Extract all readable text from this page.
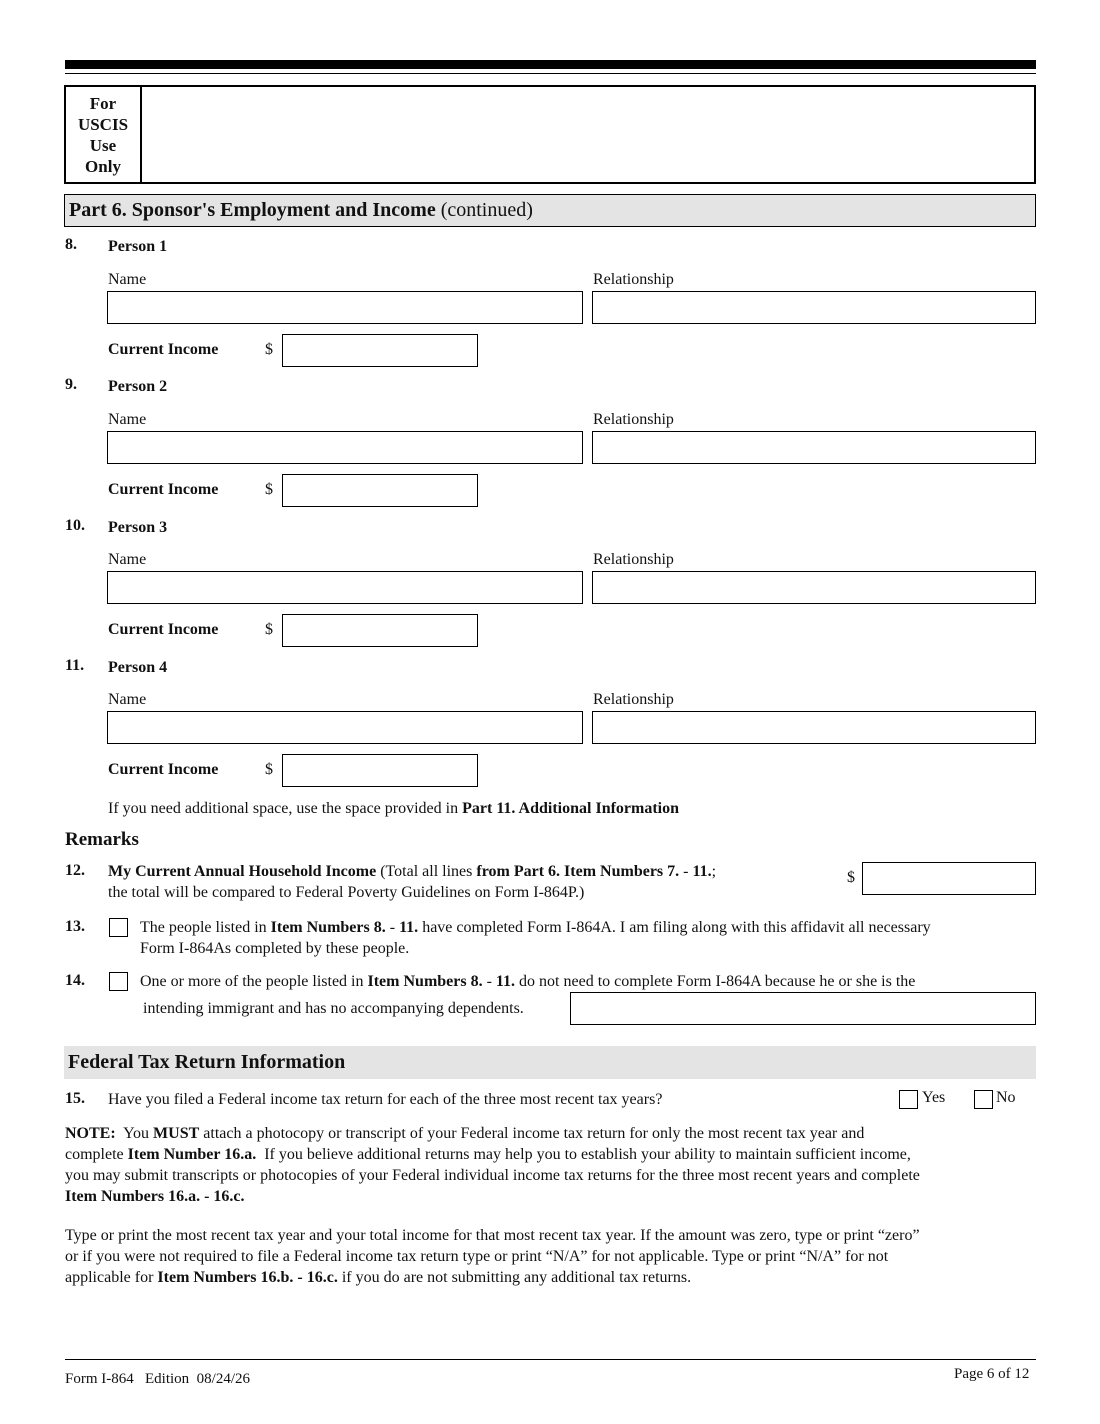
For
USCIS
Use
Only
Part 6. Sponsor's Employment and Income (continued)
8. Person 1
Name	Relationship
Current Income	$
9. Person 2
Name	Relationship
Current Income	$
10. Person 3
Name	Relationship
Current Income	$
11. Person 4
Name	Relationship
Current Income	$
If you need additional space, use the space provided in Part 11. Additional Information
Remarks
12. My Current Annual Household Income (Total all lines from Part 6. Item Numbers 7. - 11.;
the total will be compared to Federal Poverty Guidelines on Form I-864P.)
$
13.	The people listed in Item Numbers 8. - 11. have completed Form I-864A. I am filing along with this affidavit all necessary
Form I-864As completed by these people.
14.	One or more of the people listed in Item Numbers 8. - 11. do not need to complete Form I-864A because he or she is the
intending immigrant and has no accompanying dependents.
Federal Tax Return Information
15. Have you filed a Federal income tax return for each of the three most recent tax years?	Yes	No
NOTE:  You MUST attach a photocopy or transcript of your Federal income tax return for only the most recent tax year and
complete Item Number 16.a.  If you believe additional returns may help you to establish your ability to maintain sufficient income,
you may submit transcripts or photocopies of your Federal individual income tax returns for the three most recent years and complete
Item Numbers 16.a. - 16.c.
Type or print the most recent tax year and your total income for that most recent tax year. If the amount was zero, type or print “zero”
or if you were not required to file a Federal income tax return type or print “N/A” for not applicable. Type or print “N/A” for not
applicable for Item Numbers 16.b. - 16.c. if you do are not submitting any additional tax returns.
Form I-864   Edition  08/24/26	Page 6 of 12
